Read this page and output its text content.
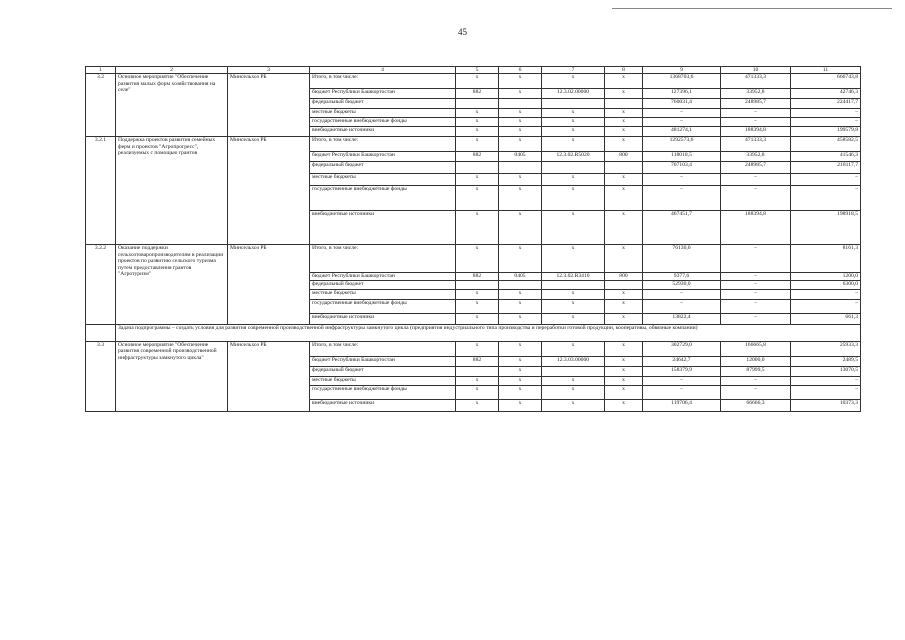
45
1	2	3	4	5	6	7	8	9	10	11
3.2	Основное мероприятие "Обеспечение развития малых форм хозяйствования на селе"	Минсельхоз РБ	Итого, в том числе:	x	x	x	x	1368703,6	471333,3	666743,8
			бюджет Республики Башкортостан	882	x	12.3.02.00000	x	127396,1	33952,8	42746,3
			федеральный бюджет					760031,4	248985,7	224417,7
			местные бюджеты	x	x	x	x	–	–	–
			государственные внебюджетные фонды	x	x	x	x	–	–	–
			внебюджетные источники	x	x	x	x	481274,1	188394,8	199579,8
3.2.1	Поддержка проектов развития семейных ферм и проектов "Агропрогресс", реализуемых с помощью грантов	Минсельхоз РБ	Итого, в том числе:	x	x	x	x	1292573,6	471333,3	458582,5
			бюджет Республики Башкортостан	882	0405	12.3.02.R5020	800	118018,5	33952,8	41546,3
			федеральный бюджет					707103,4	248985,7	218117,7
			местные бюджеты	x	x	x	x	–	–	–
			государственные внебюджетные фонды	x	x	x	x	–	–	–
			внебюджетные источники	x	x	x	x	467451,7	188394,8	198918,5
3.2.2	Оказание поддержки сельхозтоваропроизводителям в реализации проектов по развитию сельского туризма путем предоставления грантов "Агротуризм"	Минсельхоз РБ	Итого, в том числе:	x	x	x	x	76130,0	–	8161,3
			бюджет Республики Башкортостан	882	0405	12.3.02.R3410	800	9377,6	–	1200,0
			федеральный бюджет					52930,0	–	6300,0
			местные бюджеты	x	x	x	x	–	–	–
			государственные внебюджетные фонды	x	x	x	x	–	–	–
			внебюджетные источники	x	x	x	x	13822,4	–	661,3
	Задача подпрограммы – создать условия для развития современной производственной инфраструктуры замкнутого цикла (предприятия индустриального типа производства и переработки готовой продукции, кооперативы, обвязные компании)									
3.3	Основное мероприятие "Обеспечение развития современной производственной инфраструктуры замкнутого цикла"	Минсельхоз РБ	Итого, в том числе:	x	x	x	x	302729,0	166665,8	25933,3
			бюджет Республики Башкортостан	882	x	12.3.03.00000	x	24642,7	12000,0	2489,5
			федеральный бюджет		x		x	158379,9	87999,5	13070,5
			местные бюджеты	x	x	x	x	–	–	–
			государственные внебюджетные фонды	x	x	x	x	–	–	–
			внебюджетные источники	x	x	x	x	119706,4	66666,3	10373,3
